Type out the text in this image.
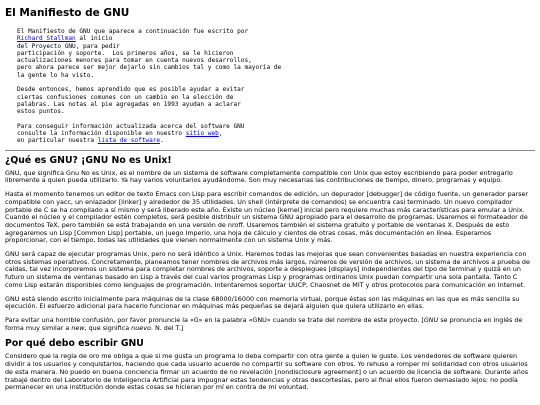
El Manifiesto de GNU
El Manifiesto de GNU que aparece a continuación fue escrito por
Richard Stallman al inicio
del Proyecto GNU, para pedir
participación y soporte.  Los primeros años, se le hicieron
actualizaciones menores para tomar en cuenta nuevos desarrollos,
pero ahora parece ser mejor dejarlo sin cambios tal y como la mayoría de
la gente lo ha visto.

Desde entonces, hemos aprendido que es posible ayudar a evitar
ciertas confusiones comunes con un cambio en la elección de
palabras. Las notas al pie agregadas en 1993 ayudan a aclarar
estos puntos.

Para conseguir información actualizada acerca del software GNU
consulte la información disponible en nuestro sitio web,
en particular nuestra lista de software.
¿Qué es GNU? ¡GNU No es Unix!

GNU, que significa Gnu No es Unix, es el nombre de un sistema de software completamente compatible con Unix que estoy escribiendo para poder entregarlo libremente a quien pueda utilizarlo. Ya hay varios voluntarios ayudándome. Son muy necesarias las contribuciones de tiempo, dinero, programas y equipo.

Hasta el momento tenemos un editor de texto Emacs con Lisp para escribir comandos de edición, un depurador [debugger] de código fuente, un generador parser compatible con yacc, un enlazador [linker] y alrededor de 35 utilidades. Un shell (intérprete de comandos) se encuentra casi terminado. Un nuevo compilador portable de C se ha compilado a sí mismo y será liberado este año. Existe un núcleo [kernel] inicial pero requiere muchas más características para emular a Unix. Cuando el núcleo y el compilador estén completos, será posible distribuir un sistema GNU apropiado para el desarrollo de programas. Usaremos el formateador de documentos TeX, pero también se está trabajando en una versión de nroff. Usaremos también el sistema gratuito y portable de ventanas X. Después de esto agregaremos un Lisp [Common Lisp] portable, un juego Imperio, una hoja de cálculo y cientos de otras cosas, más documentación en línea. Esperamos proporcionar, con el tiempo, todas las utilidades que vienen normalmente con un sistema Unix y más.

GNU será capaz de ejecutar programas Unix, pero no será idéntico a Unix. Haremos todas las mejoras que sean convenientes basadas en nuestra experiencia con otros sistemas operativos. Concretamente, planeamos tener nombres de archivos más largos, números de versión de archivos, un sistema de archivos a prueba de caídas, tal vez incorporemos un sistema para completar nombres de archivos, soporte a desplegues [displays] independientes del tipo de terminal y quizá en un futuro un sistema de ventanas basado en Lisp a través del cual varios programas Lisp y programas ordinarios Unix puedan compartir una sola pantalla. Tanto C como Lisp estarán disponibles como lenguajes de programación. Intentaremos soportar UUCP, Chaosnet de MIT y otros protocolos para comunicación en Internet.

GNU está siendo escrito inicialmente para máquinas de la clase 68000/16000 con memoria virtual, porque éstas son las máquinas en las que es más sencilla su ejecución. El esfuerzo adicional para hacerlo funcionar en máquinas más pequeñas se dejará alguien que quiera utilizarlo en ellas.

Para evitar una horrible confusión, por favor pronuncie la «G» en la palabra «GNU» cuando se trate del nombre de este proyecto. [GNU se pronuncia en inglés de forma muy similar a new, que significa nuevo. N. del T.]

Por qué debo escribir GNU

Considero que la regla de oro me obliga a que si me gusta un programa lo deba compartir con otra gente a quien le guste. Los vendedores de software quieren dividir a los usuarios y conquistarlos, haciendo que cada usuario acuerde no compartir su software con otros. Yo rehuso a romper mi solidaridad con otros usuarios de esta manera. No puedo en buena conciencia firmar un acuerdo de no revelación [nondisclosure agreement] o un acuerdo de licencia de software. Durante años trabajé dentro del Laboratorio de Inteligencia Artificial para impugnar estas tendencias y otras descortesías, pero al final ellos fueron demasiado lejos: no podía permanecer en una institución donde estas cosas se hicieran por mí en contra de mi voluntad.
